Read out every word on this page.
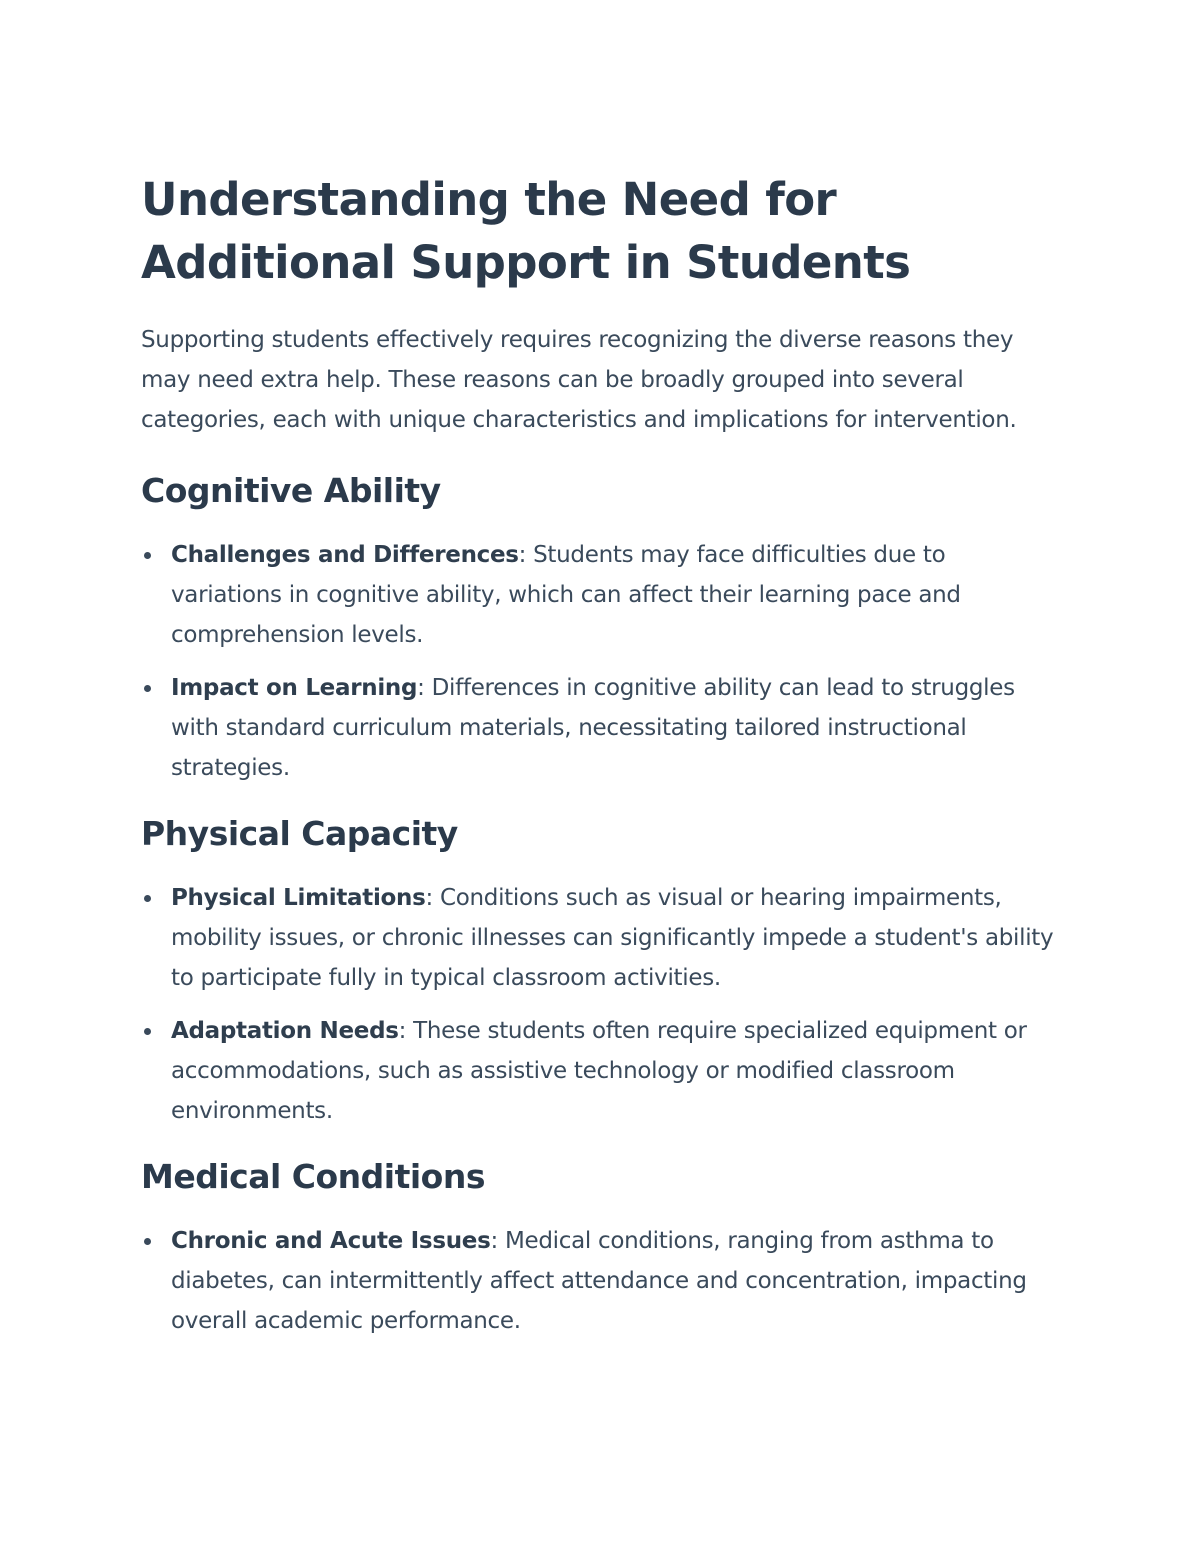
Understanding the Need for Additional Support in Students

Supporting students effectively requires recognizing the diverse reasons they may need extra help. These reasons can be broadly grouped into several categories, each with unique characteristics and implications for intervention.

Cognitive Ability
Challenges and Differences: Students may face difficulties due to variations in cognitive ability, which can affect their learning pace and comprehension levels.
Impact on Learning: Differences in cognitive ability can lead to struggles with standard curriculum materials, necessitating tailored instructional strategies.
Physical Capacity
Physical Limitations: Conditions such as visual or hearing impairments, mobility issues, or chronic illnesses can significantly impede a student's ability to participate fully in typical classroom activities.
Adaptation Needs: These students often require specialized equipment or accommodations, such as assistive technology or modified classroom environments.
Medical Conditions
Chronic and Acute Issues: Medical conditions, ranging from asthma to diabetes, can intermittently affect attendance and concentration, impacting overall academic performance.
